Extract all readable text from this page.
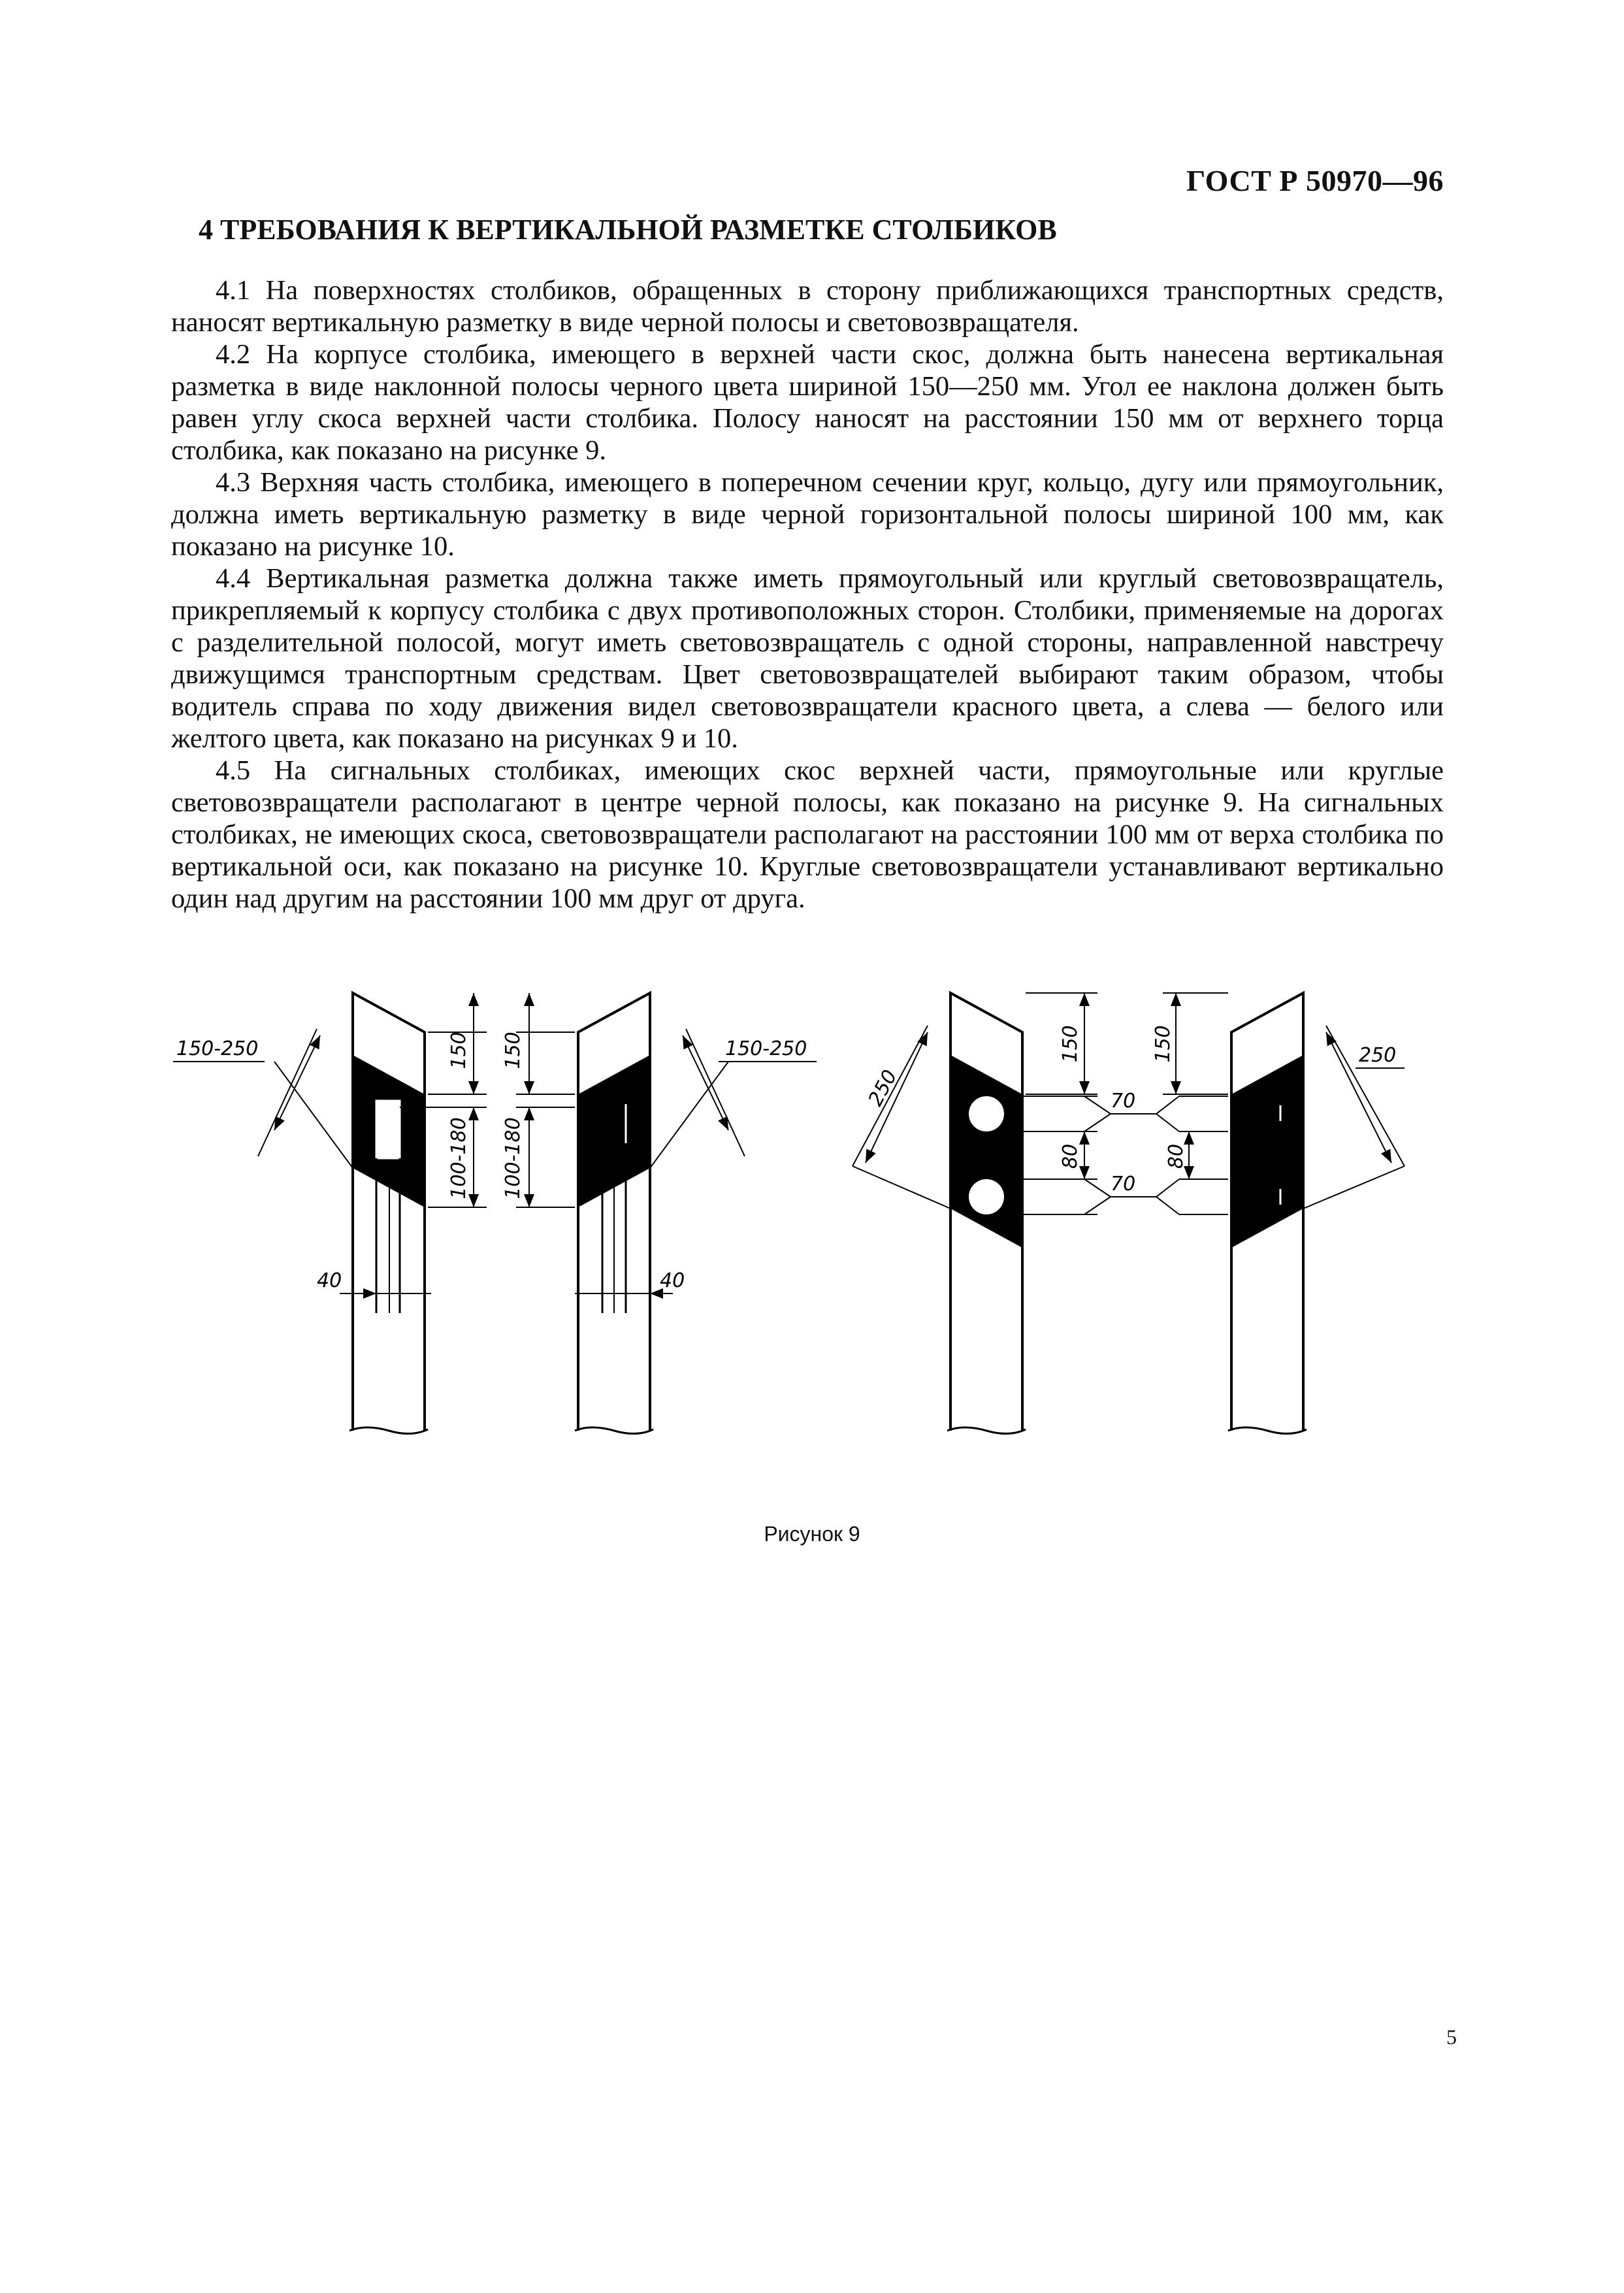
ГОСТ Р 50970—96
4 ТРЕБОВАНИЯ К ВЕРТИКАЛЬНОЙ РАЗМЕТКЕ СТОЛБИКОВ

4.1 На поверхностях столбиков, обращенных в сторону приближающихся транспортных средств, наносят вертикальную разметку в виде черной полосы и световозвращателя.

4.2 На корпусе столбика, имеющего в верхней части скос, должна быть нанесена вертикальная разметка в виде наклонной полосы черного цвета шириной 150—250 мм. Угол ее наклона должен быть равен углу скоса верхней части столбика. Полосу наносят на расстоянии 150 мм от верхнего торца столбика, как показано на рисунке 9.

4.3 Верхняя часть столбика, имеющего в поперечном сечении круг, кольцо, дугу или прямоугольник, должна иметь вертикальную разметку в виде черной горизонтальной полосы шириной 100 мм, как показано на рисунке 10.

4.4 Вертикальная разметка должна также иметь прямоугольный или круглый световозвращатель, прикрепляемый к корпусу столбика с двух противоположных сторон. Столбики, применяемые на дорогах с разделительной полосой, могут иметь световозвращатель с одной стороны, направленной навстречу движущимся транспортным средствам. Цвет световозвращателей выбирают таким образом, чтобы водитель справа по ходу движения видел световозвращатели красного цвета, а слева — белого или желтого цвета, как показано на рисунках 9 и 10.

4.5 На сигнальных столбиках, имеющих скос верхней части, прямоугольные или круглые световозвращатели располагают в центре черной полосы, как показано на рисунке 9. На сигнальных столбиках, не имеющих скоса, световозвращатели располагают на расстоянии 100 мм от верха столбика по вертикальной оси, как показано на рисунке 10. Круглые световозвращатели устанавливают вертикально один над другим на расстоянии 100 мм друг от друга.

150-250	150
100-180
40
150
100-180
150-250
40
250
150
80
70
70
150
80
250
Рисунок 9
5
